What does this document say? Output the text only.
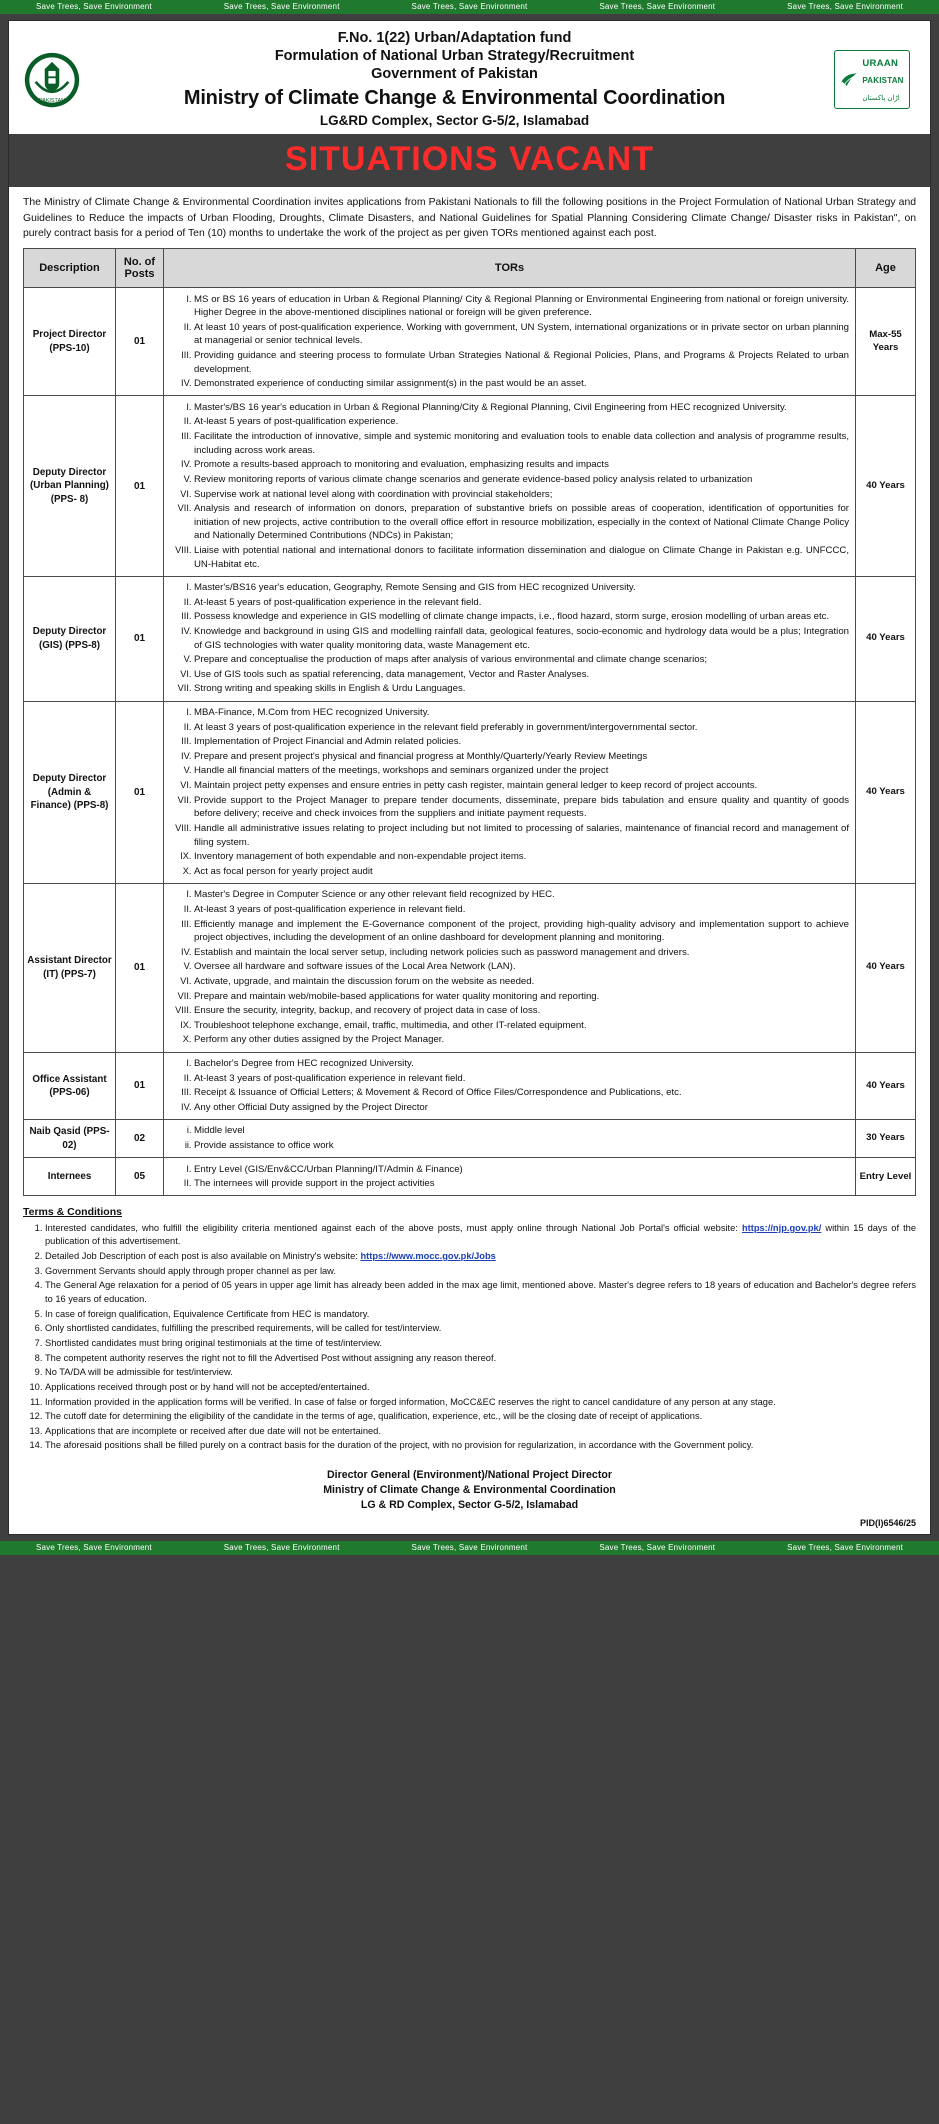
Save Trees, Save Environment	Save Trees, Save Environment	Save Trees, Save Environment	Save Trees, Save Environment	Save Trees, Save Environment
PAKISTAN
F.No. 1(22) Urban/Adaptation fund
Formulation of National Urban Strategy/Recruitment
Government of Pakistan
Ministry of Climate Change & Environmental Coordination
LG&RD Complex, Sector G-5/2, Islamabad
URAAN
PAKISTAN
اڑان پاکستان
SITUATIONS VACANT
The Ministry of Climate Change & Environmental Coordination invites applications from Pakistani Nationals to fill the following positions in the Project Formulation of National Urban Strategy and Guidelines to Reduce the impacts of Urban Flooding, Droughts, Climate Disasters, and National Guidelines for Spatial Planning Considering Climate Change/ Disaster risks in Pakistan", on purely contract basis for a period of Ten (10) months to undertake the work of the project as per given TORs mentioned against each post.
Description	No. of Posts	TORs	Age
Project Director (PPS-10)	01	
I. MS or BS 16 years of education in Urban & Regional Planning/ City & Regional Planning or Environmental Engineering from national or foreign university. Higher Degree in the above-mentioned disciplines national or foreign will be given preference.
II. At least 10 years of post-qualification experience. Working with government, UN System, international organizations or in private sector on urban planning at managerial or senior technical levels.
III. Providing guidance and steering process to formulate Urban Strategies National & Regional Policies, Plans, and Programs & Projects Related to urban development.
IV. Demonstrated experience of conducting similar assignment(s) in the past would be an asset.
	Max-55 Years
Deputy Director (Urban Planning) (PPS- 8)	01	
I. Master's/BS 16 year's education in Urban & Regional Planning/City & Regional Planning, Civil Engineering from HEC recognized University.
II. At-least 5 years of post-qualification experience.
III. Facilitate the introduction of innovative, simple and systemic monitoring and evaluation tools to enable data collection and analysis of programme results, including across work areas.
IV. Promote a results-based approach to monitoring and evaluation, emphasizing results and impacts
V. Review monitoring reports of various climate change scenarios and generate evidence-based policy analysis related to urbanization
VI. Supervise work at national level along with coordination with provincial stakeholders;
VII. Analysis and research of information on donors, preparation of substantive briefs on possible areas of cooperation, identification of opportunities for initiation of new projects, active contribution to the overall office effort in resource mobilization, especially in the context of National Climate Change Policy and Nationally Determined Contributions (NDCs) in Pakistan;
VIII. Liaise with potential national and international donors to facilitate information dissemination and dialogue on Climate Change in Pakistan e.g. UNFCCC, UN-Habitat etc.
	40 Years
Deputy Director (GIS) (PPS-8)	01	
I. Master's/BS16 year's education, Geography, Remote Sensing and GIS from HEC recognized University.
II. At-least 5 years of post-qualification experience in the relevant field.
III. Possess knowledge and experience in GIS modelling of climate change impacts, i.e., flood hazard, storm surge, erosion modelling of urban areas etc.
IV. Knowledge and background in using GIS and modelling rainfall data, geological features, socio-economic and hydrology data would be a plus; Integration of GIS technologies with water quality monitoring data, waste Management etc.
V. Prepare and conceptualise the production of maps after analysis of various environmental and climate change scenarios;
VI. Use of GIS tools such as spatial referencing, data management, Vector and Raster Analyses.
VII. Strong writing and speaking skills in English & Urdu Languages.
	40 Years
Deputy Director (Admin & Finance) (PPS-8)	01	
I. MBA-Finance, M.Com from HEC recognized University.
II. At least 3 years of post-qualification experience in the relevant field preferably in government/intergovernmental sector.
III. Implementation of Project Financial and Admin related policies.
IV. Prepare and present project's physical and financial progress at Monthly/Quarterly/Yearly Review Meetings
V. Handle all financial matters of the meetings, workshops and seminars organized under the project
VI. Maintain project petty expenses and ensure entries in petty cash register, maintain general ledger to keep record of project accounts.
VII. Provide support to the Project Manager to prepare tender documents, disseminate, prepare bids tabulation and ensure quality and quantity of goods before delivery; receive and check invoices from the suppliers and initiate payment requests.
VIII. Handle all administrative issues relating to project including but not limited to processing of salaries, maintenance of financial record and management of filing system.
IX. Inventory management of both expendable and non-expendable project items.
X. Act as focal person for yearly project audit
	40 Years
Assistant Director (IT) (PPS-7)	01	
I. Master's Degree in Computer Science or any other relevant field recognized by HEC.
II. At-least 3 years of post-qualification experience in relevant field.
III. Efficiently manage and implement the E-Governance component of the project, providing high-quality advisory and implementation support to achieve project objectives, including the development of an online dashboard for development planning and monitoring.
IV. Establish and maintain the local server setup, including network policies such as password management and drivers.
V. Oversee all hardware and software issues of the Local Area Network (LAN).
VI. Activate, upgrade, and maintain the discussion forum on the website as needed.
VII. Prepare and maintain web/mobile-based applications for water quality monitoring and reporting.
VIII. Ensure the security, integrity, backup, and recovery of project data in case of loss.
IX. Troubleshoot telephone exchange, email, traffic, multimedia, and other IT-related equipment.
X. Perform any other duties assigned by the Project Manager.
	40 Years
Office Assistant (PPS-06)	01	
I. Bachelor's Degree from HEC recognized University.
II. At-least 3 years of post-qualification experience in relevant field.
III. Receipt & Issuance of Official Letters; & Movement & Record of Office Files/Correspondence and Publications, etc.
IV. Any other Official Duty assigned by the Project Director
	40 Years
Naib Qasid (PPS-02)	02	
i. Middle level
ii. Provide assistance to office work
	30 Years
Internees	05	
I. Entry Level (GIS/Env&CC/Urban Planning/IT/Admin & Finance)
II. The internees will provide support in the project activities
	Entry Level
Terms & Conditions
1. Interested candidates, who fulfill the eligibility criteria mentioned against each of the above posts, must apply online through National Job Portal's official website: https://njp.gov.pk/ within 15 days of the publication of this advertisement.
2. Detailed Job Description of each post is also available on Ministry's website: https://www.mocc.gov.pk/Jobs
3. Government Servants should apply through proper channel as per law.
4. The General Age relaxation for a period of 05 years in upper age limit has already been added in the max age limit, mentioned above. Master's degree refers to 18 years of education and Bachelor's degree refers to 16 years of education.
5. In case of foreign qualification, Equivalence Certificate from HEC is mandatory.
6. Only shortlisted candidates, fulfilling the prescribed requirements, will be called for test/interview.
7. Shortlisted candidates must bring original testimonials at the time of test/interview.
8. The competent authority reserves the right not to fill the Advertised Post without assigning any reason thereof.
9. No TA/DA will be admissible for test/interview.
10. Applications received through post or by hand will not be accepted/entertained.
11. Information provided in the application forms will be verified. In case of false or forged information, MoCC&EC reserves the right to cancel candidature of any person at any stage.
12. The cutoff date for determining the eligibility of the candidate in the terms of age, qualification, experience, etc., will be the closing date of receipt of applications.
13. Applications that are incomplete or received after due date will not be entertained.
14. The aforesaid positions shall be filled purely on a contract basis for the duration of the project, with no provision for regularization, in accordance with the Government policy.
Director General (Environment)/National Project Director
Ministry of Climate Change & Environmental Coordination
LG & RD Complex, Sector G-5/2, Islamabad
PID(I)6546/25
Save Trees, Save Environment	Save Trees, Save Environment	Save Trees, Save Environment	Save Trees, Save Environment	Save Trees, Save Environment
